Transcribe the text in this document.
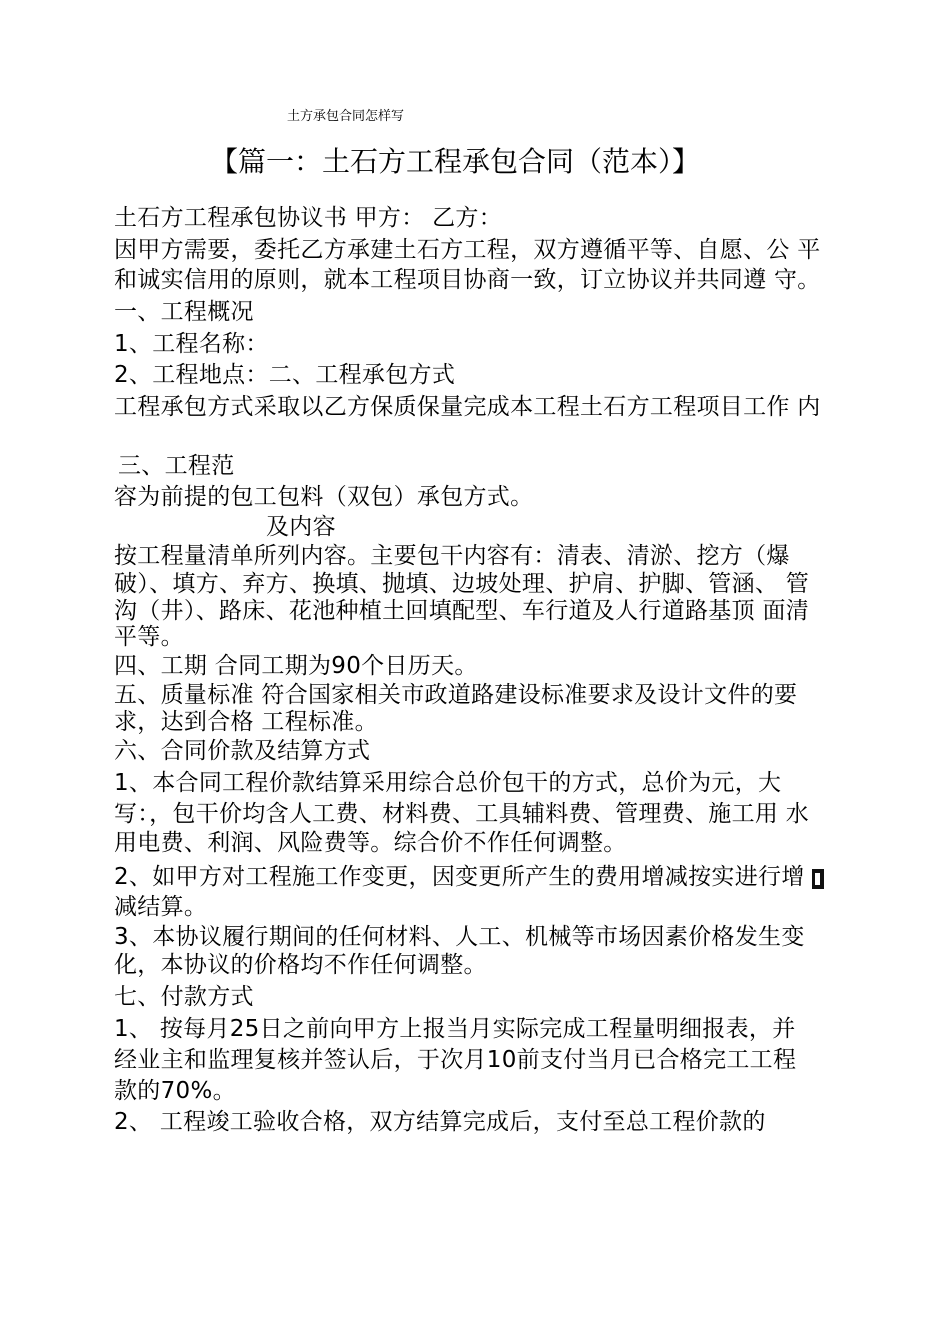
土方承包合同怎样写
【篇一：土石方工程承包合同（范本）】
土石方工程承包协议书 甲方： 乙方：
因甲方需要，委托乙方承建土石方工程，双方遵循平等、自愿、公 平
和诚实信用的原则，就本工程项目协商一致，订立协议并共同遵 守。
一、工程概况
1、工程名称：
2、工程地点：二、工程承包方式
工程承包方式采取以乙方保质保量完成本工程土石方工程项目工作 内
三、工程范
容为前提的包工包料（双包）承包方式。
及内容
按工程量清单所列内容。主要包干内容有：清表、清淤、挖方（爆
破）、填方、弃方、换填、抛填、边坡处理、护肩、护脚、管涵、 管
沟（井）、路床、花池种植土回填配型、车行道及人行道路基顶 面清
平等。
四、工期 合同工期为90个日历天。
五、质量标准 符合国家相关市政道路建设标准要求及设计文件的要
求，达到合格 工程标准。
六、合同价款及结算方式
1、本合同工程价款结算采用综合总价包干的方式，总价为元，大
写：，包干价均含人工费、材料费、工具辅料费、管理费、施工用 水
用电费、利润、风险费等。综合价不作任何调整。
2、如甲方对工程施工作变更，因变更所产生的费用增减按实进行增
减结算。
3、本协议履行期间的任何材料、人工、机械等市场因素价格发生变
化，本协议的价格均不作任何调整。
七、付款方式
1、 按每月25日之前向甲方上报当月实际完成工程量明细报表，并
经业主和监理复核并签认后，于次月10前支付当月已合格完工工程
款的70%。
2、 工程竣工验收合格，双方结算完成后，支付至总工程价款的
